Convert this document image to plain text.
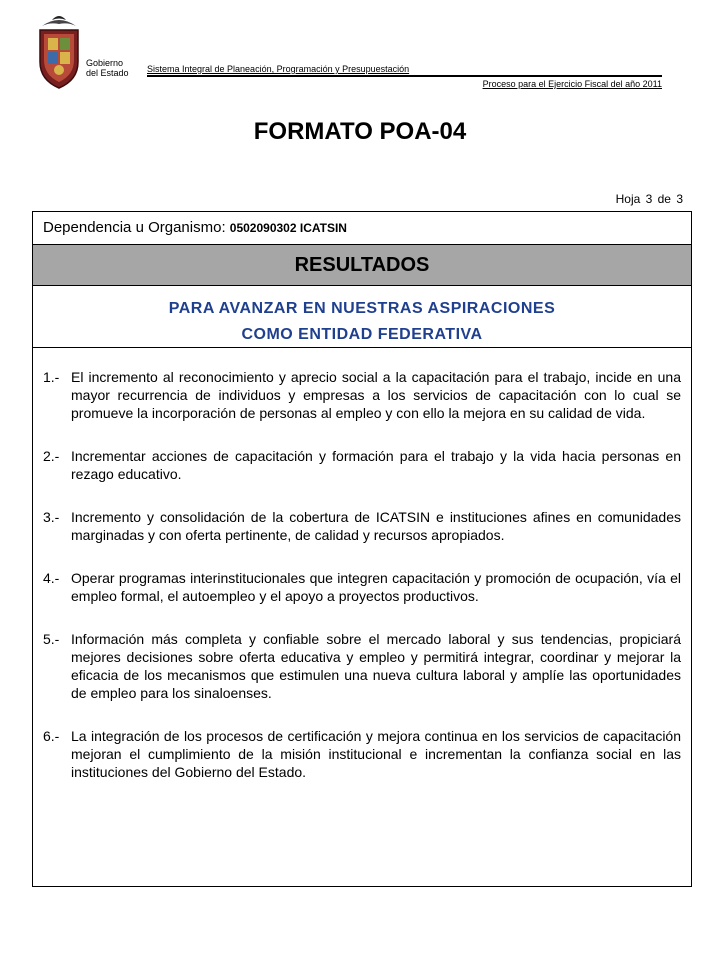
Gobierno
del Estado Sistema Integral de Planeación, Programación y Presupuestación
Proceso para el Ejercicio Fiscal del año 2011
FORMATO POA-04
Hoja 3 de 3
Dependencia u Organismo: 0502090302 ICATSIN
RESULTADOS
PARA AVANZAR EN NUESTRAS ASPIRACIONES
COMO ENTIDAD FEDERATIVA
1.- El incremento al reconocimiento y aprecio social a la capacitación para el trabajo, incide en una mayor recurrencia de individuos y empresas a los servicios de capacitación con lo cual se promueve la incorporación de personas al empleo y con ello la mejora en su calidad de vida.
2.- Incrementar acciones de capacitación y formación para el trabajo y la vida hacia personas en rezago educativo.
3.- Incremento y consolidación de la cobertura de ICATSIN e instituciones afines en comunidades marginadas y con oferta pertinente, de calidad y recursos apropiados.
4.- Operar programas interinstitucionales que integren capacitación y promoción de ocupación, vía el empleo formal, el autoempleo y el apoyo a proyectos productivos.
5.- Información más completa y confiable sobre el mercado laboral y sus tendencias, propiciará mejores decisiones sobre oferta educativa y empleo y permitirá integrar, coordinar y mejorar la eficacia de los mecanismos que estimulen una nueva cultura laboral y amplíe las oportunidades de empleo para los sinaloenses.
6.- La integración de los procesos de certificación y mejora continua en los servicios de capacitación mejoran el cumplimiento de la misión institucional e incrementan la confianza social en las instituciones del Gobierno del Estado.
